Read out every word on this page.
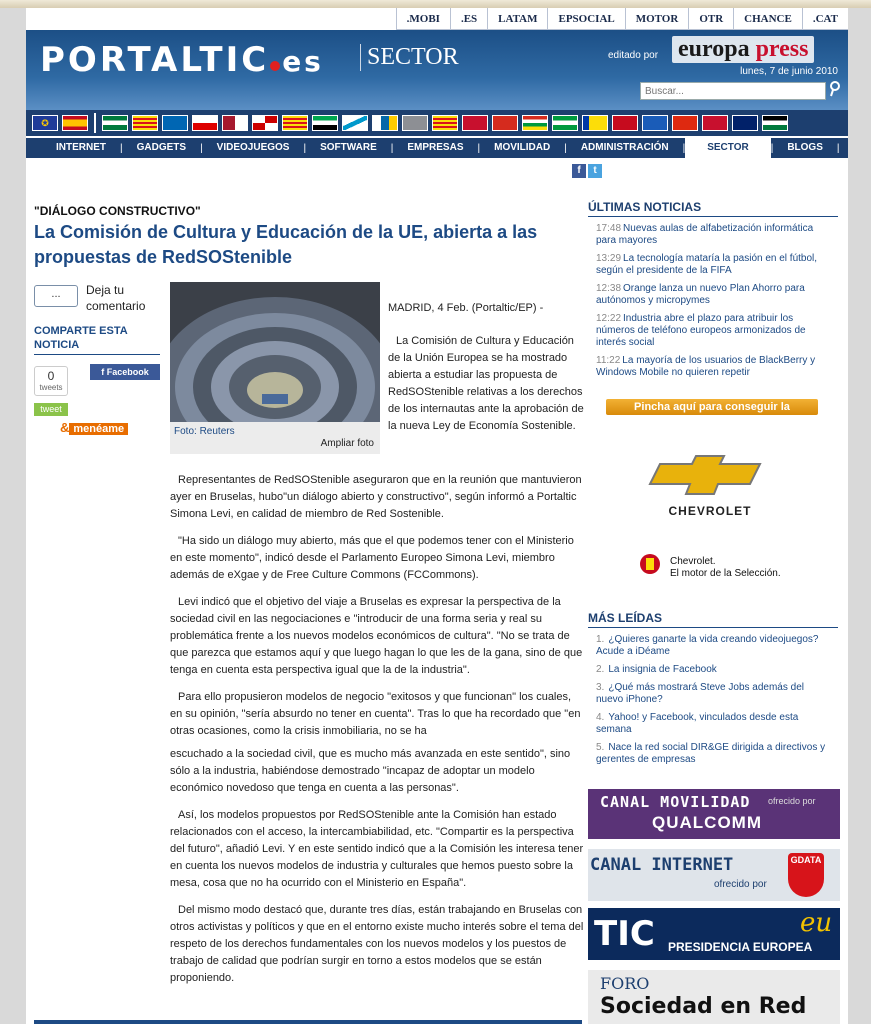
.MOBI	.ES	LATAM	EPSOCIAL	MOTOR	OTR	CHANCE	.CAT
PORTALTIC es SECTOR	editado por europa press
lunes, 7 de junio 2010
Buscar...
✪
INTERNET	|	GADGETS	|	VIDEOJUEGOS	|	SOFTWARE	|	EMPRESAS	|	MOVILIDAD	|	ADMINISTRACIÓN	|	SECTOR	|	BLOGS	|
f	t
"DIÁLOGO CONSTRUCTIVO"
La Comisión de Cultura y Educación de la UE, abierta a las propuestas de RedSOStenible
...	Deja tu comentario
COMPARTE ESTA NOTICIA
0
tweets
tweet
f Facebook
& menéame	Foto: Reuters
Ampliar foto

MADRID, 4 Feb. (Portaltic/EP) -

La Comisión de Cultura y Educación de la Unión Europea se ha mostrado abierta a estudiar las propuesta de RedSOStenible relativas a los derechos de los internautas ante la aprobación de la nueva Ley de Economía Sostenible.

Representantes de RedSOStenible aseguraron que en la reunión que mantuvieron ayer en Bruselas, hubo"un diálogo abierto y constructivo", según informó a Portaltic Simona Levi, en calidad de miembro de Red Sostenible.

"Ha sido un diálogo muy abierto, más que el que podemos tener con el Ministerio en este momento", indicó desde el Parlamento Europeo Simona Levi, miembro además de eXgae y de Free Culture Commons (FCCommons).

Levi indicó que el objetivo del viaje a Bruselas es expresar la perspectiva de la sociedad civil en las negociaciones e "introducir de una forma seria y real su problemática frente a los nuevos modelos económicos de cultura". "No se trata de que parezca que estamos aquí y que luego hagan lo que les de la gana, sino de que tenga en cuenta esta perspectiva igual que la de la industria".

Para ello propusieron modelos de negocio "exitosos y que funcionan" los cuales, en su opinión, "sería absurdo no tener en cuenta". Tras lo que ha recordado que "en otras ocasiones, como la crisis inmobiliaria, no se ha

escuchado a la sociedad civil, que es mucho más avanzada en este sentido", sino sólo a la industria, habiéndose demostrado "incapaz de adoptar un modelo económico novedoso que tenga en cuenta a las personas".

Así, los modelos propuestos por RedSOStenible ante la Comisión han estado relacionados con el acceso, la intercambiabilidad, etc. "Compartir es la perspectiva del futuro", añadió Levi. Y en este sentido indicó que a la Comisión les interesa tener en cuenta los nuevos modelos de industria y culturales que hemos puesto sobre la mesa, cosa que no ha ocurrido con el Ministerio en España".

Del mismo modo destacó que, durante tres días, están trabajando en Bruselas con otros activistas y políticos y que en el entorno existe mucho interés sobre el tema del respeto de los derechos fundamentales con los nuevos modelos y los puestos de trabajo de calidad que podrían surgir en torno a estos modelos que se están proponiendo.

ÚLTIMAS NOTICIAS
17:48 Nuevas aulas de alfabetización informática para mayores
13:29 La tecnología mataría la pasión en el fútbol, según el presidente de la FIFA
12:38 Orange lanza un nuevo Plan Ahorro para autónomos y micropymes
12:22 Industria abre el plazo para atribuir los números de teléfono europeos armonizados de interés social
11:22 La mayoría de los usuarios de BlackBerry y Windows Mobile no quieren repetir
Pincha aquí para conseguir la promoción
CHEVROLET
Chevrolet.
El motor de la Selección.
MÁS LEÍDAS
1. ¿Quieres ganarte la vida creando videojuegos? Acude a iDéame
2. La insignia de Facebook
3. ¿Qué más mostrará Steve Jobs además del nuevo iPhone?
4. Yahoo! y Facebook, vinculados desde esta semana
5. Nace la red social DIR&GE dirigida a directivos y gerentes de empresas
CANAL MOVILIDAD ofrecido por
QUALCOMM
CANAL INTERNET
ofrecido por
GDATA
TIC PRESIDENCIA EUROPEA
eu
FORO
Sociedad en Red
